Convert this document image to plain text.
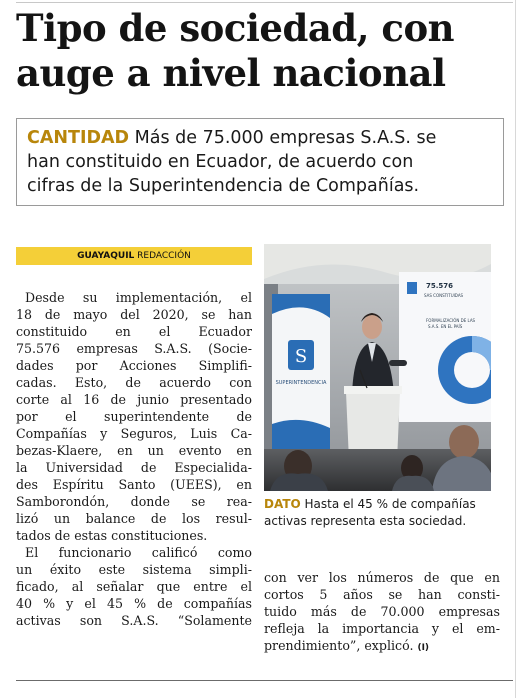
Tipo de sociedad, con
auge a nivel nacional
CANTIDAD Más de 75.000 empresas S.A.S. se
han constituido en Ecuador, de acuerdo con
cifras de la Superintendencia de Compañías.
GUAYAQUIL REDACCIÓN
Desde su implementación, el
18 de mayo del 2020, se han
constituido en el Ecuador
75.576 empresas S.A.S. (Socie-
dades por Acciones Simplifi-
cadas. Esto, de acuerdo con
corte al 16 de junio presentado
por el superintendente de
Compañías y Seguros, Luis Ca-
bezas-Klaere, en un evento en
la Universidad de Especialida-
des Espíritu Santo (UEES), en
Samborondón, donde se rea-
lizó un balance de los resul-
tados de estas constituciones.
El funcionario calificó como
un éxito este sistema simpli-
ficado, al señalar que entre el
40 % y el 45 % de compañías
activas son S.A.S. “Solamente
S
SUPERINTENDENCIA
75.576
SAS CONSTITUIDAS
FORMALIZACIÓN DE LAS
S.A.S. EN EL PAÍS
DATO Hasta el 45 % de compañías
activas representa esta sociedad.
con ver los números de que en
cortos 5 años se han consti-
tuido más de 70.000 empresas
refleja la importancia y el em-
prendimiento”, explicó. (I)
